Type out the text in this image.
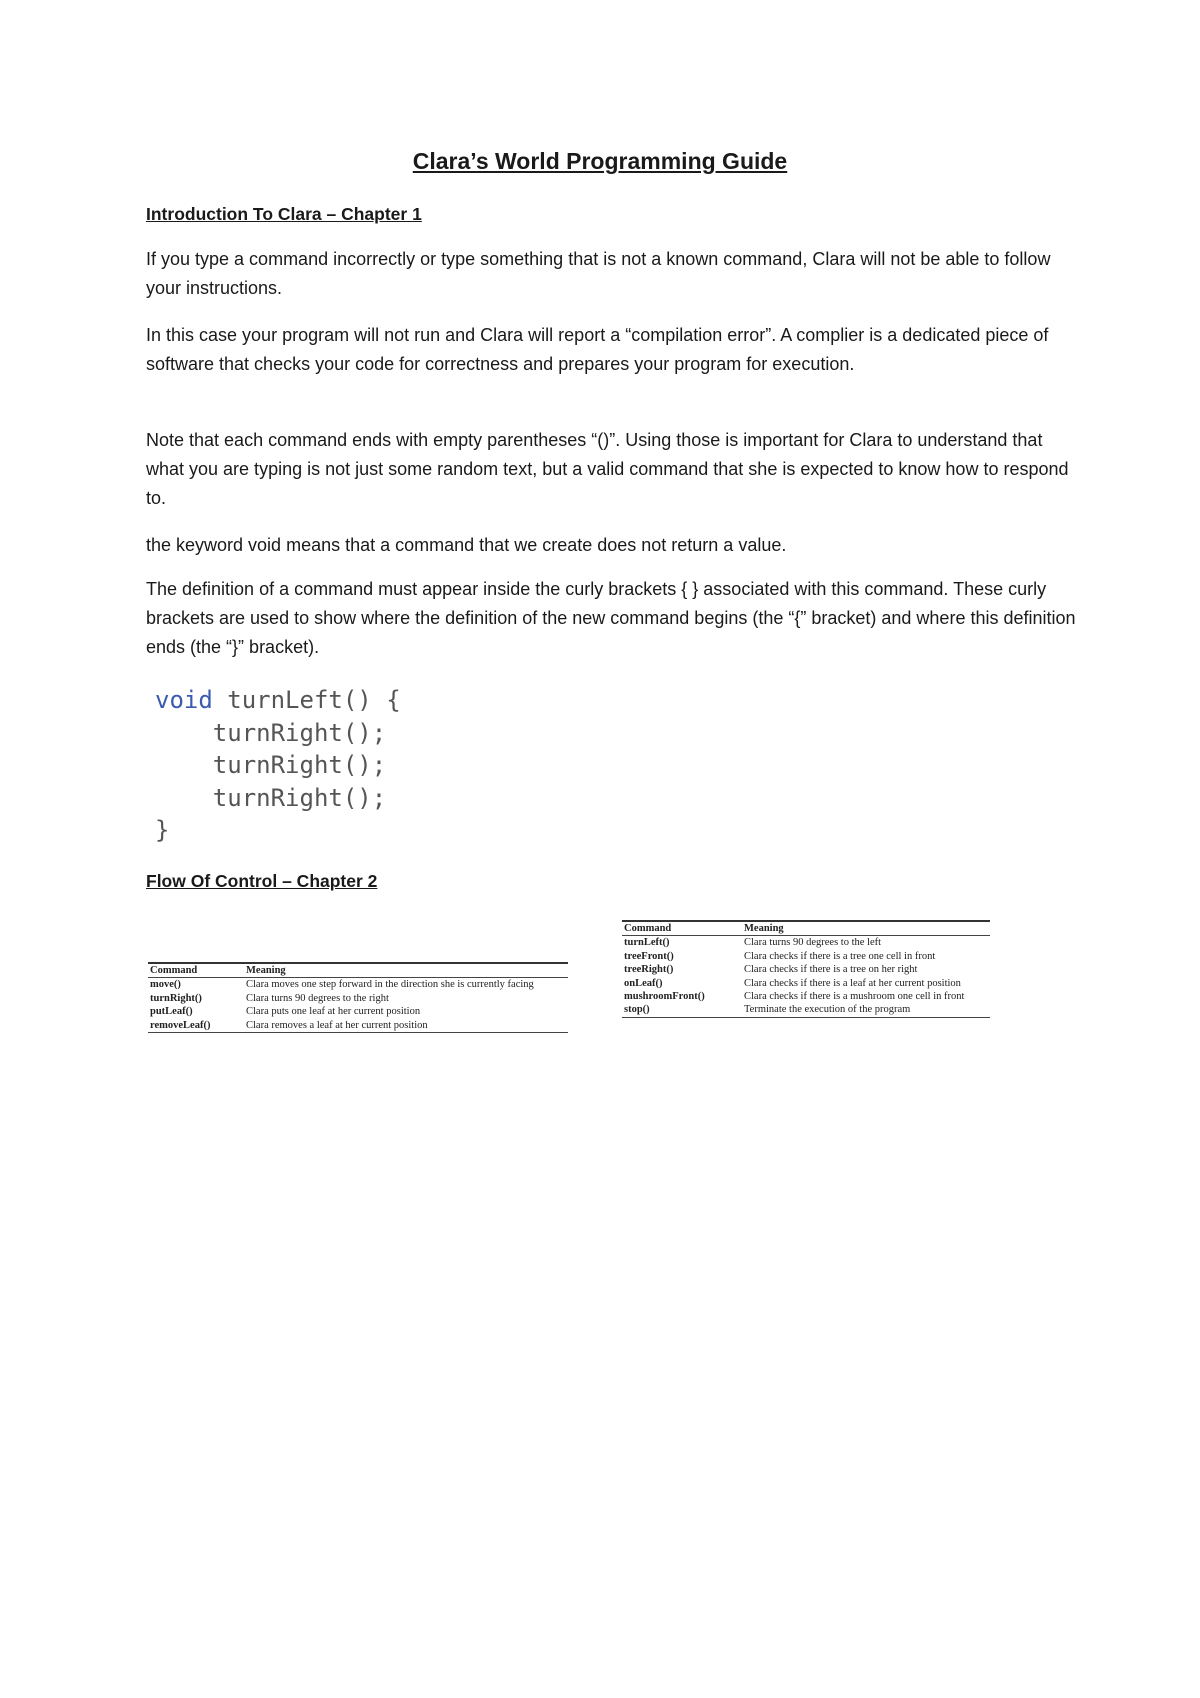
Clara’s World Programming Guide
Introduction To Clara – Chapter 1

If you type a command incorrectly or type something that is not a known command, Clara will not be able to follow your instructions.

In this case your program will not run and Clara will report a “compilation error”. A complier is a dedicated piece of software that checks your code for correctness and prepares your program for execution.

Note that each command ends with empty parentheses “()”. Using those is important for Clara to understand that what you are typing is not just some random text, but a valid command that she is expected to know how to respond to.

the keyword void means that a command that we create does not return a value.

The definition of a command must appear inside the curly brackets { } associated with this command. These curly brackets are used to show where the definition of the new command begins (the “{” bracket) and where this definition ends (the “}” bracket).

void turnLeft() {
turnRight();
turnRight();
turnRight();
}
Flow Of Control – Chapter 2
Command	Meaning
move()	Clara moves one step forward in the direction she is currently facing
turnRight()	Clara turns 90 degrees to the right
putLeaf()	Clara puts one leaf at her current position
removeLeaf()	Clara removes a leaf at her current position
Command	Meaning
turnLeft()	Clara turns 90 degrees to the left
treeFront()	Clara checks if there is a tree one cell in front
treeRight()	Clara checks if there is a tree on her right
onLeaf()	Clara checks if there is a leaf at her current position
mushroomFront()	Clara checks if there is a mushroom one cell in front
stop()	Terminate the execution of the program
